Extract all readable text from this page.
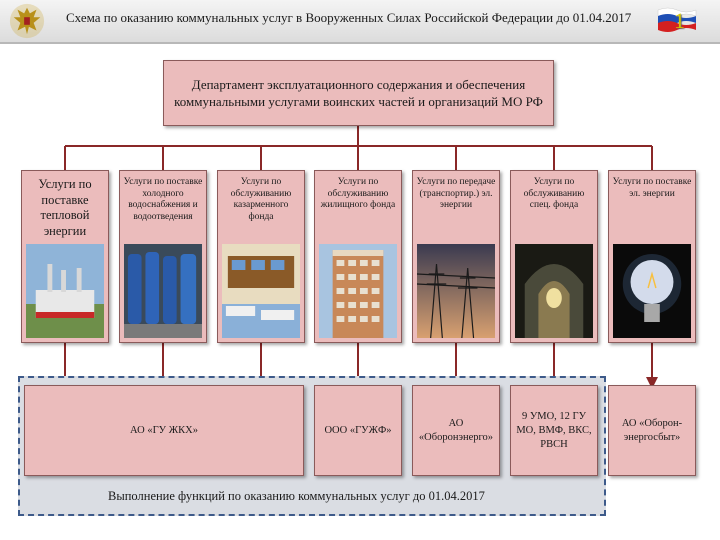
Схема по оказанию коммунальных услуг в Вооруженных Силах Российской Федерации до 01.04.2017 1
Департамент эксплуатационного содержания и обеспечения коммунальными услугами воинских частей и организаций МО РФ
Услуги по поставке тепловой энергии
Услуги по поставке холодного водоснабжения и водоотведения
Услуги по обслуживанию казарменного фонда
Услуги по обслуживанию жилищного фонда
Услуги по передаче (транспортир.) эл. энергии
Услуги по обслуживанию спец. фонда
Услуги по поставке эл. энергии
АО «ГУ ЖКХ»	ООО «ГУЖФ»
АО «Оборонэнерго»
9 УМО, 12 ГУ МО, ВМФ, ВКС, РВСН
АО «Оборон- энергосбыт»
Выполнение функций по оказанию коммунальных услуг до 01.04.2017
